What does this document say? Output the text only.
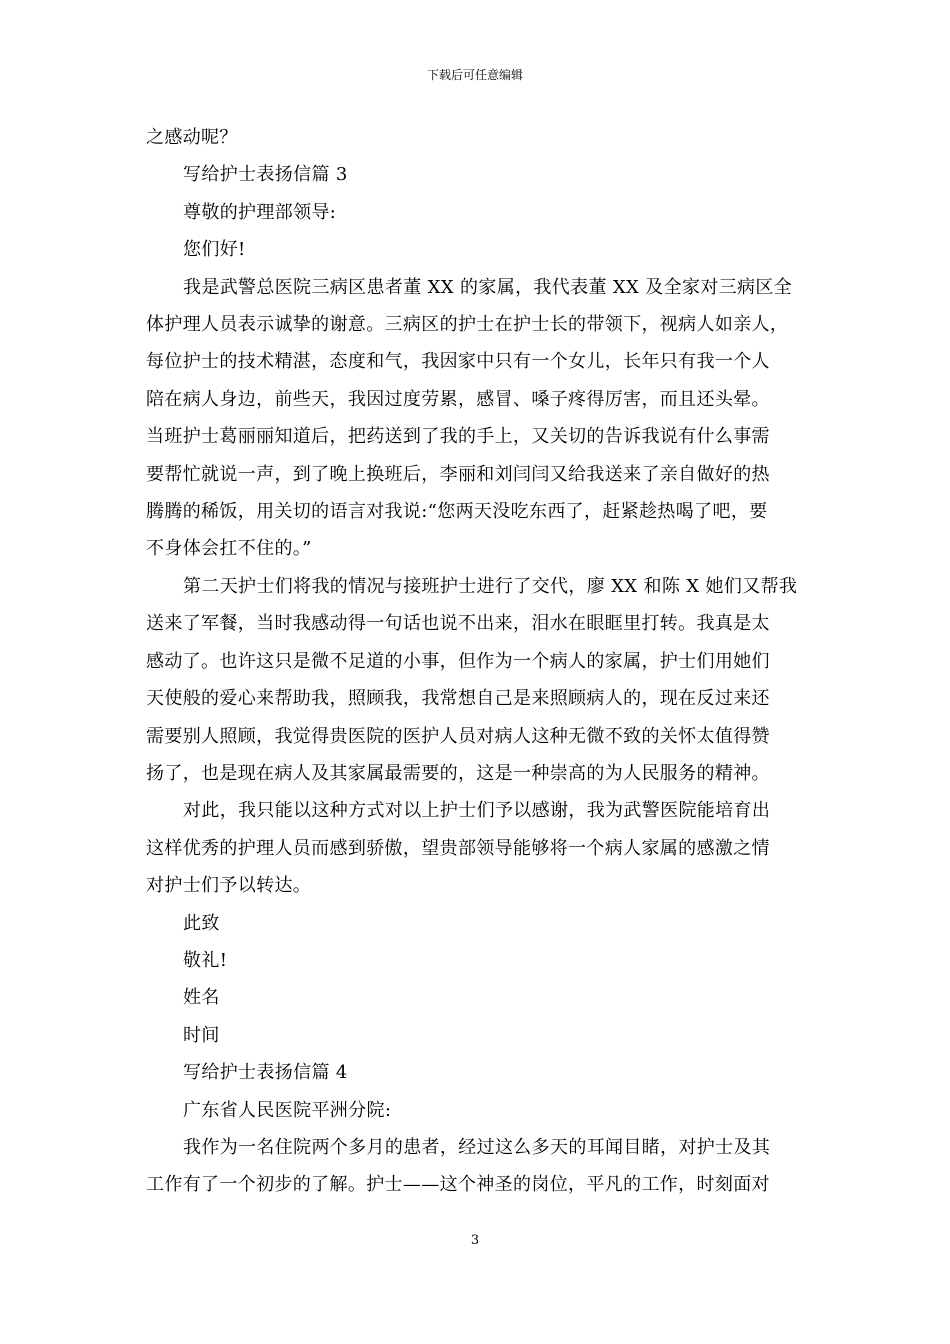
下载后可任意编辑

之感动呢？

写给护士表扬信篇 3

尊敬的护理部领导:

您们好!

我是武警总医院三病区患者董 XX 的家属，我代表董 XX 及全家对三病区全

体护理人员表示诚挚的谢意。三病区的护士在护士长的带领下，视病人如亲人，

每位护士的技术精湛，态度和气，我因家中只有一个女儿，长年只有我一个人

陪在病人身边，前些天，我因过度劳累，感冒、嗓子疼得厉害，而且还头晕。

当班护士葛丽丽知道后，把药送到了我的手上，又关切的告诉我说有什么事需

要帮忙就说一声，到了晚上换班后，李丽和刘闫闫又给我送来了亲自做好的热

腾腾的稀饭，用关切的语言对我说:“您两天没吃东西了，赶紧趁热喝了吧，要

不身体会扛不住的。”

第二天护士们将我的情况与接班护士进行了交代，廖 XX 和陈 X 她们又帮我

送来了军餐，当时我感动得一句话也说不出来，泪水在眼眶里打转。我真是太

感动了。也许这只是微不足道的小事，但作为一个病人的家属，护士们用她们

天使般的爱心来帮助我，照顾我，我常想自己是来照顾病人的，现在反过来还

需要别人照顾，我觉得贵医院的医护人员对病人这种无微不致的关怀太值得赞

扬了，也是现在病人及其家属最需要的，这是一种崇高的为人民服务的精神。

对此，我只能以这种方式对以上护士们予以感谢，我为武警医院能培育出

这样优秀的护理人员而感到骄傲，望贵部领导能够将一个病人家属的感激之情

对护士们予以转达。

此致

敬礼!

姓名

时间

写给护士表扬信篇 4

广东省人民医院平洲分院:

我作为一名住院两个多月的患者，经过这么多天的耳闻目睹，对护士及其

工作有了一个初步的了解。护士——这个神圣的岗位，平凡的工作，时刻面对

3
